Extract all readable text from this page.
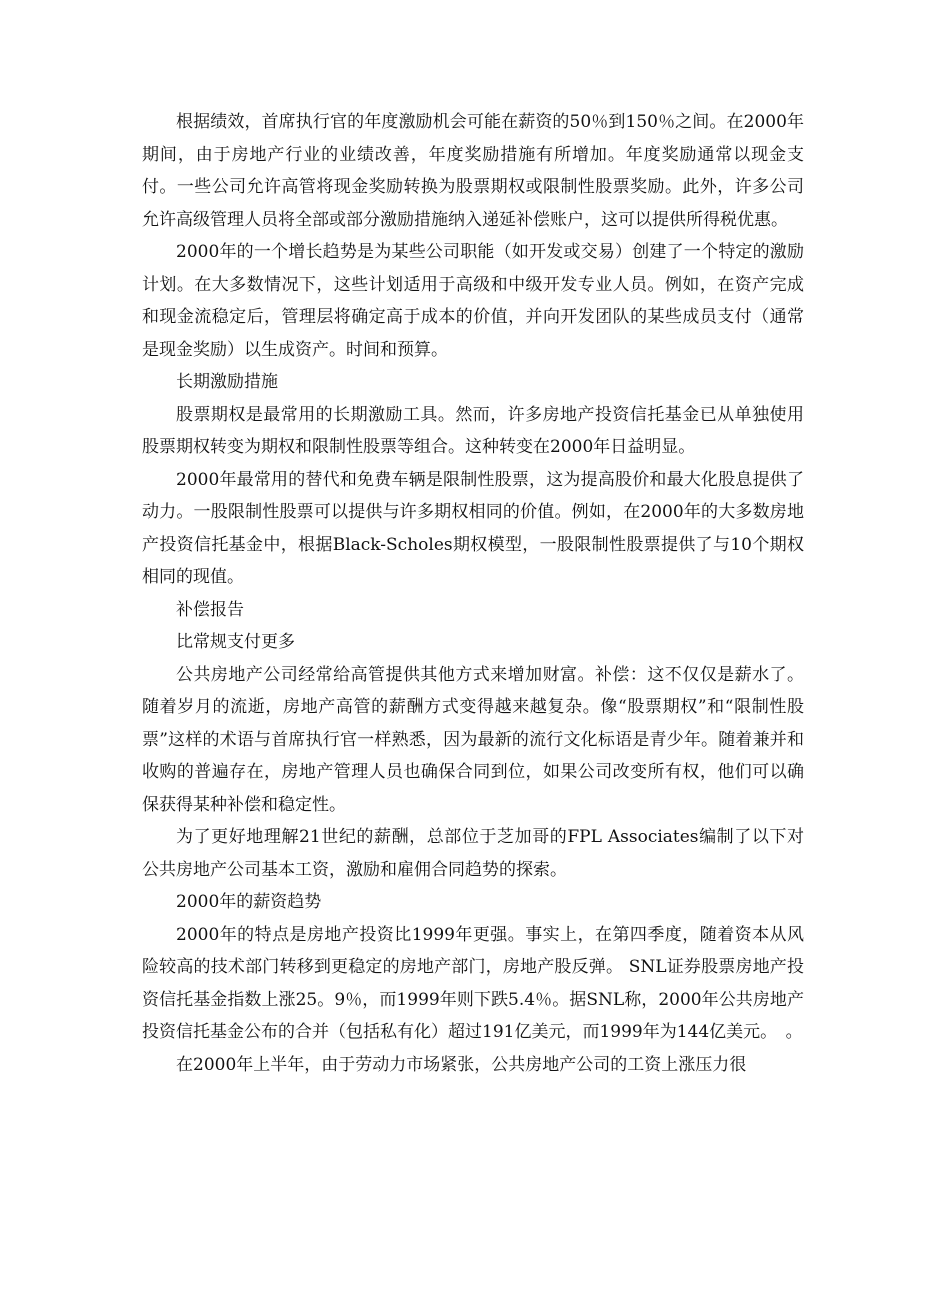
根据绩效，首席执行官的年度激励机会可能在薪资的50％到150％之间。在2000年期间，由于房地产行业的业绩改善，年度奖励措施有所增加。年度奖励通常以现金支付。一些公司允许高管将现金奖励转换为股票期权或限制性股票奖励。此外，许多公司允许高级管理人员将全部或部分激励措施纳入递延补偿账户，这可以提供所得税优惠。

2000年的一个增长趋势是为某些公司职能（如开发或交易）创建了一个特定的激励计划。在大多数情况下，这些计划适用于高级和中级开发专业人员。例如，在资产完成和现金流稳定后，管理层将确定高于成本的价值，并向开发团队的某些成员支付（通常是现金奖励）以生成资产。时间和预算。

长期激励措施

股票期权是最常用的长期激励工具。然而，许多房地产投资信托基金已从单独使用股票期权转变为期权和限制性股票等组合。这种转变在2000年日益明显。

2000年最常用的替代和免费车辆是限制性股票，这为提高股价和最大化股息提供了动力。一股限制性股票可以提供与许多期权相同的价值。例如，在2000年的大多数房地产投资信托基金中，根据Black-Scholes期权模型，一股限制性股票提供了与10个期权相同的现值。

补偿报告

比常规支付更多

公共房地产公司经常给高管提供其他方式来增加财富。补偿：这不仅仅是薪水了。随着岁月的流逝，房地产高管的薪酬方式变得越来越复杂。像“股票期权”和“限制性股票”这样的术语与首席执行官一样熟悉，因为最新的流行文化标语是青少年。随着兼并和收购的普遍存在，房地产管理人员也确保合同到位，如果公司改变所有权，他们可以确保获得某种补偿和稳定性。

为了更好地理解21世纪的薪酬，总部位于芝加哥的FPL Associates编制了以下对公共房地产公司基本工资，激励和雇佣合同趋势的探索。

2000年的薪资趋势

2000年的特点是房地产投资比1999年更强。事实上，在第四季度，随着资本从风险较高的技术部门转移到更稳定的房地产部门，房地产股反弹。 SNL证券股票房地产投资信托基金指数上涨25。9％，而1999年则下跌5.4％。据SNL称，2000年公共房地产投资信托基金公布的合并（包括私有化）超过191亿美元，而1999年为144亿美元。　。

在2000年上半年，由于劳动力市场紧张，公共房地产公司的工资上涨压力很
